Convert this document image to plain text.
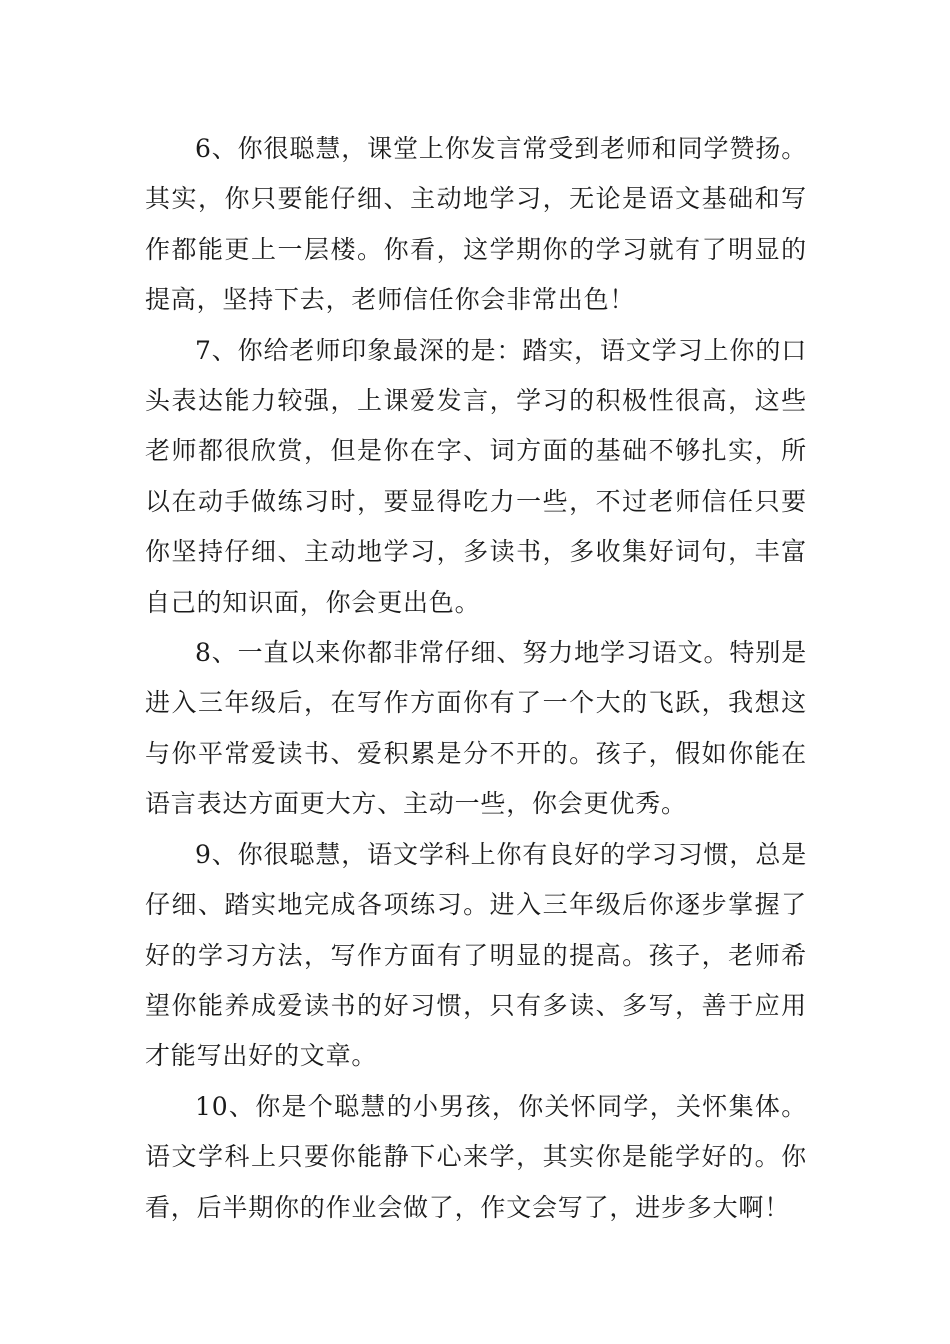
6、你很聪慧，课堂上你发言常受到老师和同学赞扬。其实，你只要能仔细、主动地学习，无论是语文基础和写作都能更上一层楼。你看，这学期你的学习就有了明显的提高，坚持下去，老师信任你会非常出色！

7、你给老师印象最深的是：踏实，语文学习上你的口头表达能力较强，上课爱发言，学习的积极性很高，这些老师都很欣赏，但是你在字、词方面的基础不够扎实，所以在动手做练习时，要显得吃力一些，不过老师信任只要你坚持仔细、主动地学习，多读书，多收集好词句，丰富自己的知识面，你会更出色。

8、一直以来你都非常仔细、努力地学习语文。特别是进入三年级后，在写作方面你有了一个大的飞跃，我想这与你平常爱读书、爱积累是分不开的。孩子，假如你能在语言表达方面更大方、主动一些，你会更优秀。

9、你很聪慧，语文学科上你有良好的学习习惯，总是仔细、踏实地完成各项练习。进入三年级后你逐步掌握了好的学习方法，写作方面有了明显的提高。孩子，老师希望你能养成爱读书的好习惯，只有多读、多写，善于应用才能写出好的文章。

10、你是个聪慧的小男孩，你关怀同学，关怀集体。语文学科上只要你能静下心来学，其实你是能学好的。你看，后半期你的作业会做了，作文会写了，进步多大啊！
